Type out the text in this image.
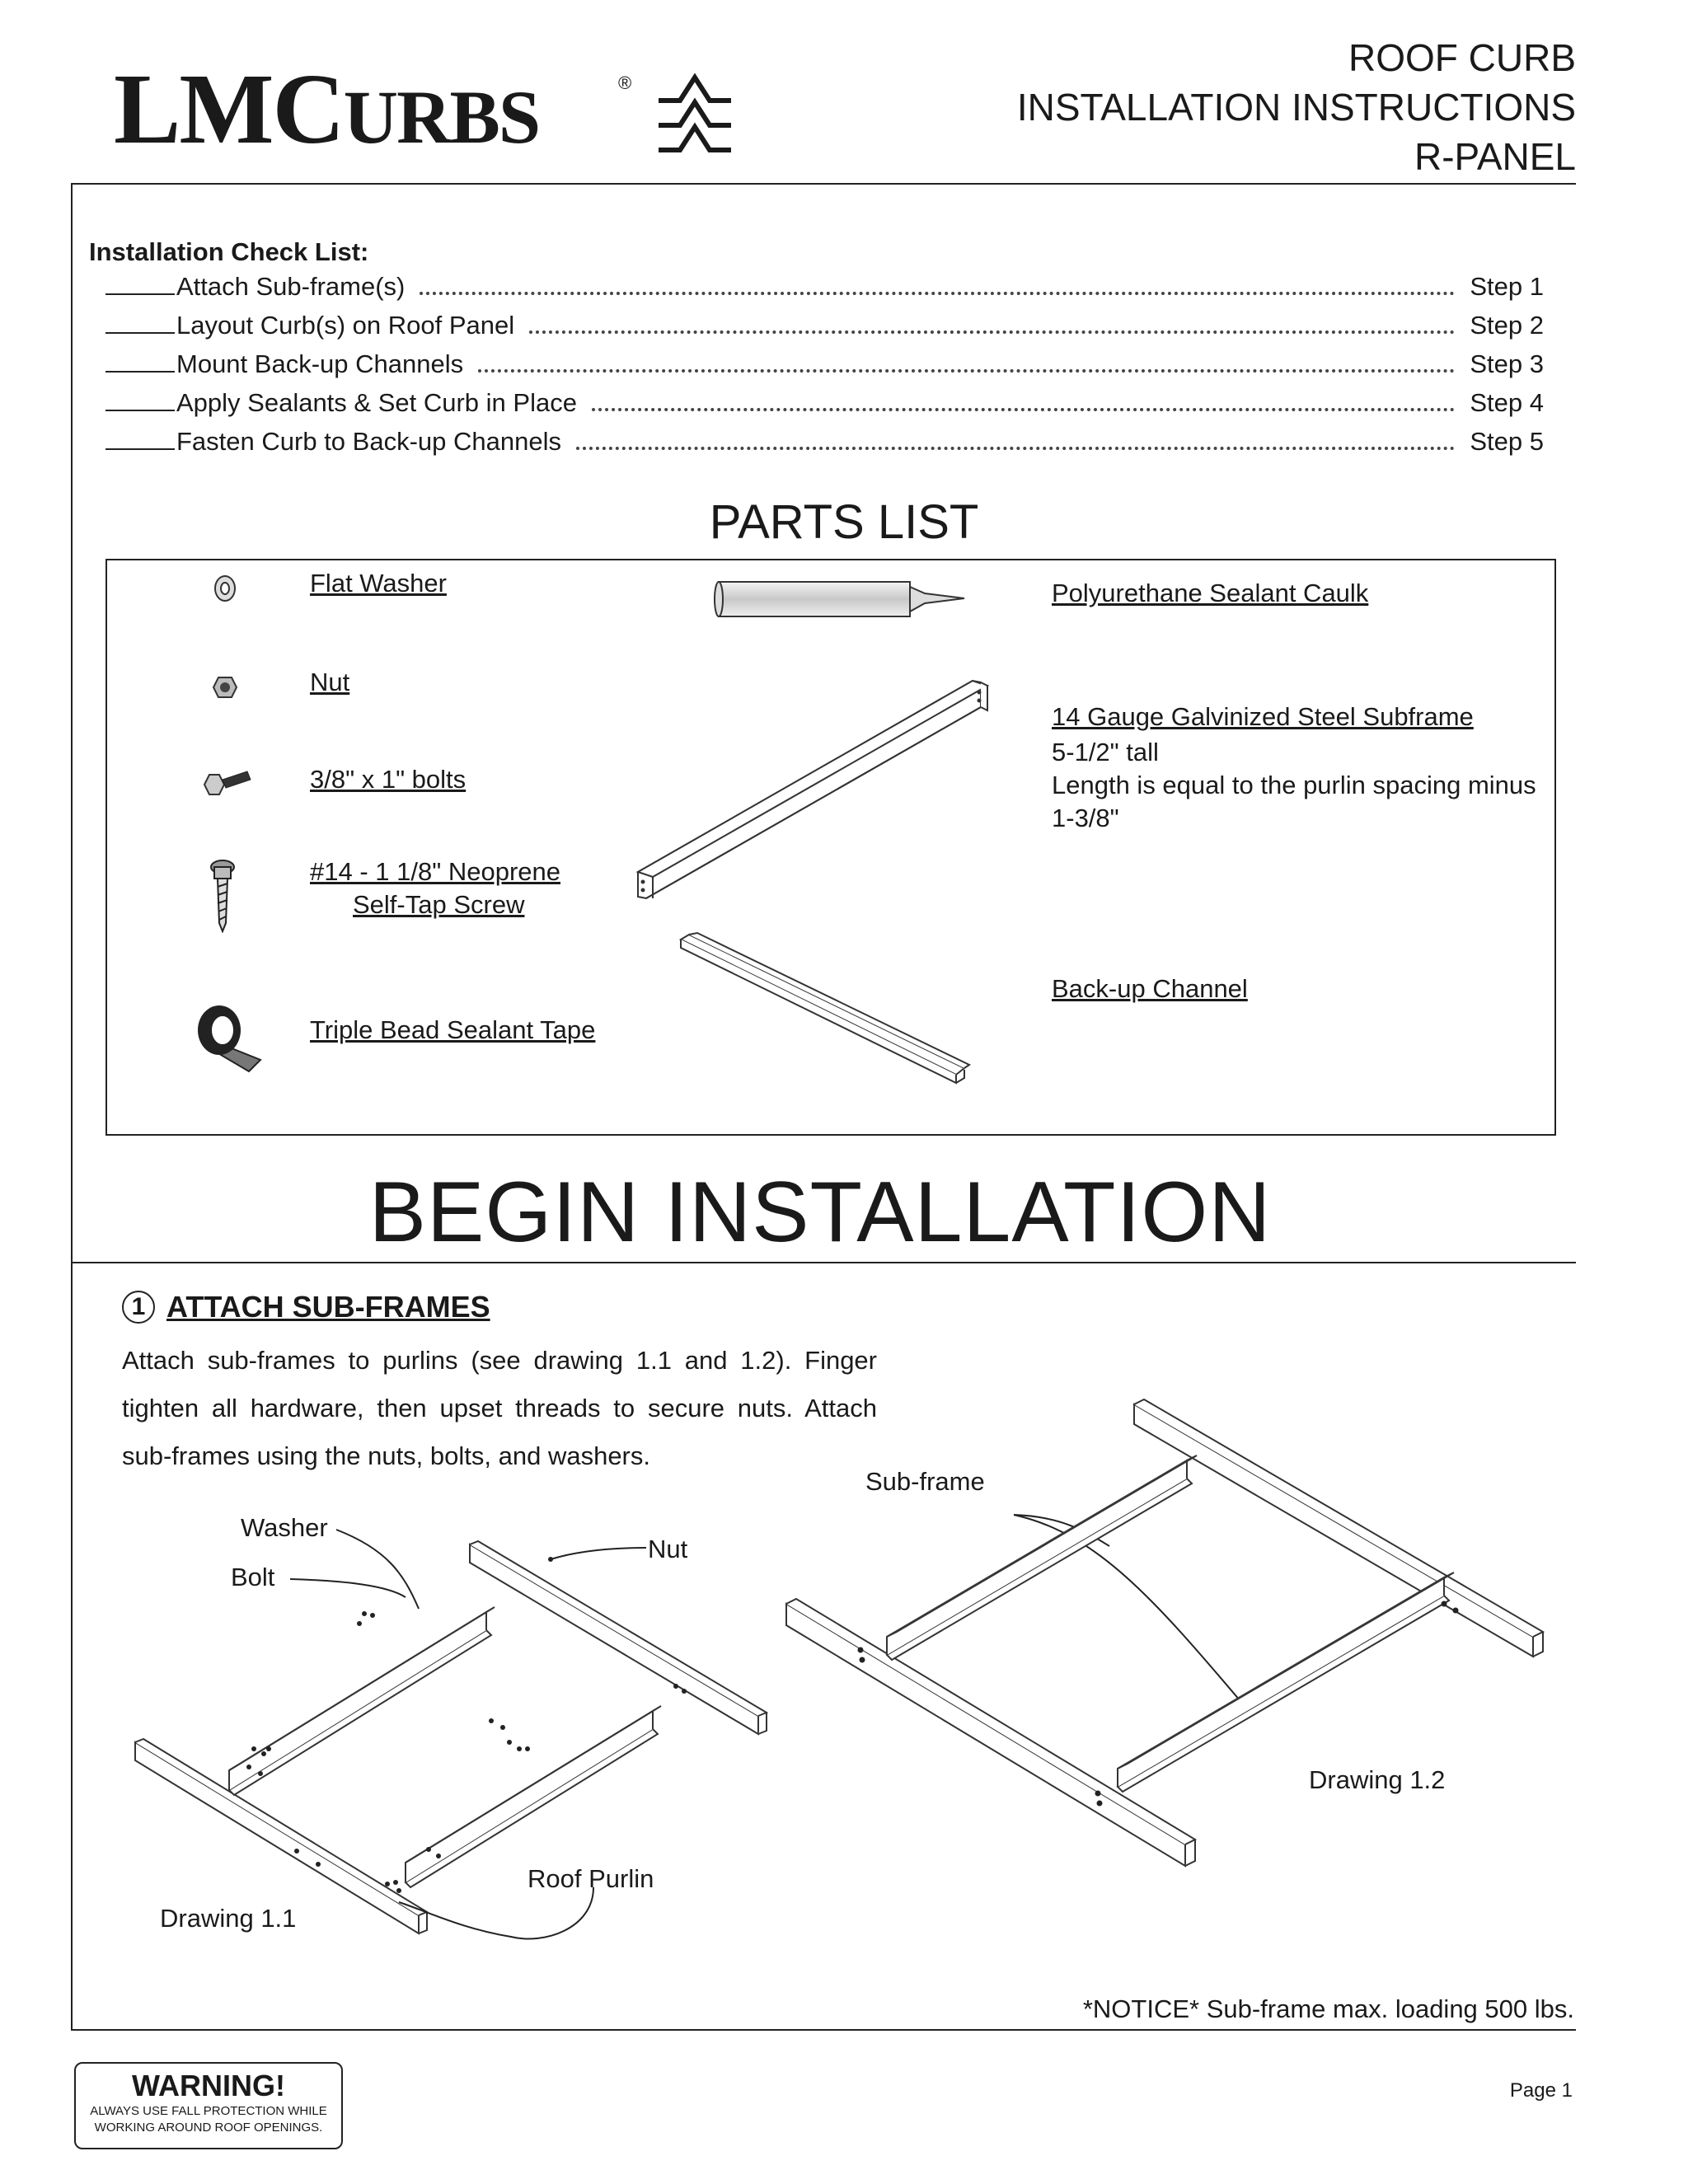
LMCURBS	®
ROOF CURB
INSTALLATION INSTRUCTIONS
R-PANEL
Installation Check List:
Attach Sub-frame(s)	Step 1
Layout Curb(s) on Roof Panel	Step 2
Mount Back-up Channels	Step 3
Apply Sealants & Set Curb in Place	Step 4
Fasten Curb to Back-up Channels	Step 5
PARTS LIST
Flat Washer
Nut
3/8" x 1" bolts
#14 - 1 1/8" Neoprene
Self-Tap Screw
Triple Bead Sealant Tape
Polyurethane Sealant Caulk
14 Gauge Galvinized Steel Subframe
5-1/2" tall
Length is equal to the purlin spacing minus
1-3/8"
Back-up Channel
BEGIN INSTALLATION
1 ATTACH SUB-FRAMES
Attach sub-frames to purlins (see drawing 1.1 and 1.2). Finger tighten all hardware, then upset threads to secure nuts. Attach sub-frames using the nuts, bolts, and washers.
Washer
Bolt
Nut
Roof Purlin
Drawing 1.1
Sub-frame
Drawing 1.2
*NOTICE* Sub-frame max. loading 500 lbs.
WARNING!
ALWAYS USE FALL PROTECTION WHILE
WORKING AROUND ROOF OPENINGS.
Page 1
